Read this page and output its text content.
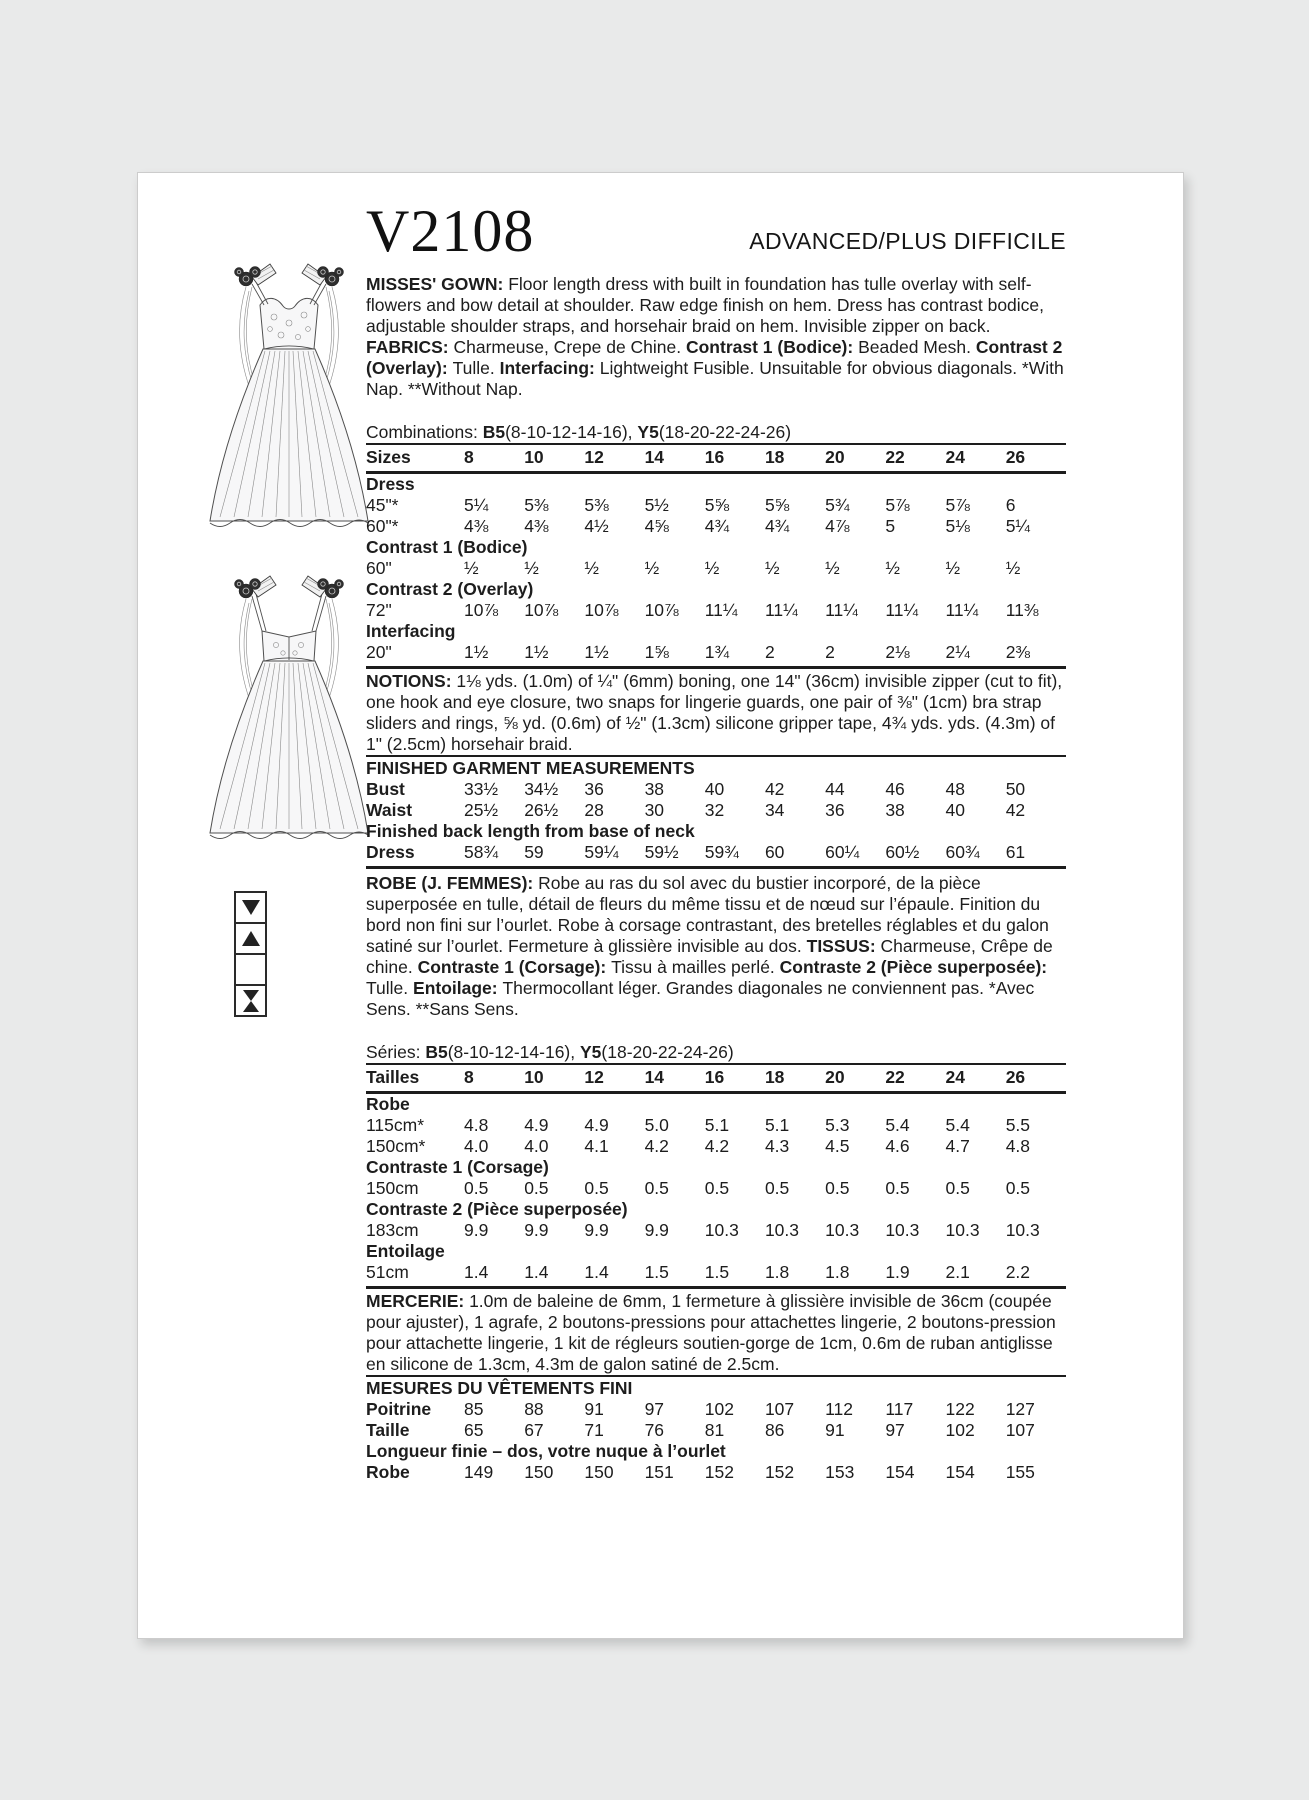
V2108	ADVANCED/PLUS DIFFICILE

MISSES' GOWN: Floor length dress with built in foundation has tulle overlay with self-flowers and bow detail at shoulder. Raw edge finish on hem. Dress has contrast bodice, adjustable shoulder straps, and horsehair braid on hem. Invisible zipper on back. FABRICS: Charmeuse, Crepe de Chine. Contrast 1 (Bodice): Beaded Mesh. Contrast 2 (Overlay): Tulle. Interfacing: Lightweight Fusible. Unsuitable for obvious diagonals. *With Nap. **Without Nap.

Combinations: B5(8-10-12-14-16), Y5(18-20-22-24-26)

Sizes	8	10	12	14	16	18	20	22	24	26
Dress										
45"*	5¼	5⅜	5⅜	5½	5⅝	5⅝	5¾	5⅞	5⅞	6
60"*	4⅜	4⅜	4½	4⅝	4¾	4¾	4⅞	5	5⅛	5¼
Contrast 1 (Bodice)										
60"	½	½	½	½	½	½	½	½	½	½
Contrast 2 (Overlay)										
72"	10⅞	10⅞	10⅞	10⅞	11¼	11¼	11¼	11¼	11¼	11⅜
Interfacing										
20"	1½	1½	1½	1⅝	1¾	2	2	2⅛	2¼	2⅜

NOTIONS: 1⅛ yds. (1.0m) of ¼" (6mm) boning, one 14" (36cm) invisible zipper (cut to fit), one hook and eye closure, two snaps for lingerie guards, one pair of ⅜" (1cm) bra strap sliders and rings, ⅝ yd. (0.6m) of ½" (1.3cm) silicone gripper tape, 4¾ yds. yds. (4.3m) of 1" (2.5cm) horsehair braid.

FINISHED GARMENT MEASUREMENTS

Bust	33½	34½	36	38	40	42	44	46	48	50
Waist	25½	26½	28	30	32	34	36	38	40	42
Finished back length from base of neck										
Dress	58¾	59	59¼	59½	59¾	60	60¼	60½	60¾	61

ROBE (J. FEMMES): Robe au ras du sol avec du bustier incorporé, de la pièce superposée en tulle, détail de fleurs du même tissu et de nœud sur l’épaule. Finition du bord non fini sur l’ourlet. Robe à corsage contrastant, des bretelles réglables et du galon satiné sur l’ourlet. Fermeture à glissière invisible au dos. TISSUS: Charmeuse, Crêpe de chine. Contraste 1 (Corsage): Tissu à mailles perlé. Contraste 2 (Pièce superposée): Tulle. Entoilage: Thermocollant léger. Grandes diagonales ne conviennent pas. *Avec Sens. **Sans Sens.

Séries: B5(8-10-12-14-16), Y5(18-20-22-24-26)

Tailles	8	10	12	14	16	18	20	22	24	26
Robe										
115cm*	4.8	4.9	4.9	5.0	5.1	5.1	5.3	5.4	5.4	5.5
150cm*	4.0	4.0	4.1	4.2	4.2	4.3	4.5	4.6	4.7	4.8
Contraste 1 (Corsage)										
150cm	0.5	0.5	0.5	0.5	0.5	0.5	0.5	0.5	0.5	0.5
Contraste 2 (Pièce superposée)										
183cm	9.9	9.9	9.9	9.9	10.3	10.3	10.3	10.3	10.3	10.3
Entoilage										
51cm	1.4	1.4	1.4	1.5	1.5	1.8	1.8	1.9	2.1	2.2

MERCERIE: 1.0m de baleine de 6mm, 1 fermeture à glissière invisible de 36cm (coupée pour ajuster), 1 agrafe, 2 boutons-pressions pour attachettes lingerie, 2 boutons-pression pour attachette lingerie, 1 kit de régleurs soutien-gorge de 1cm, 0.6m de ruban antiglisse en silicone de 1.3cm, 4.3m de galon satiné de 2.5cm.

MESURES DU VÊTEMENTS FINI

Poitrine	85	88	91	97	102	107	112	117	122	127
Taille	65	67	71	76	81	86	91	97	102	107
Longueur finie – dos, votre nuque à l’ourlet										
Robe	149	150	150	151	152	152	153	154	154	155
